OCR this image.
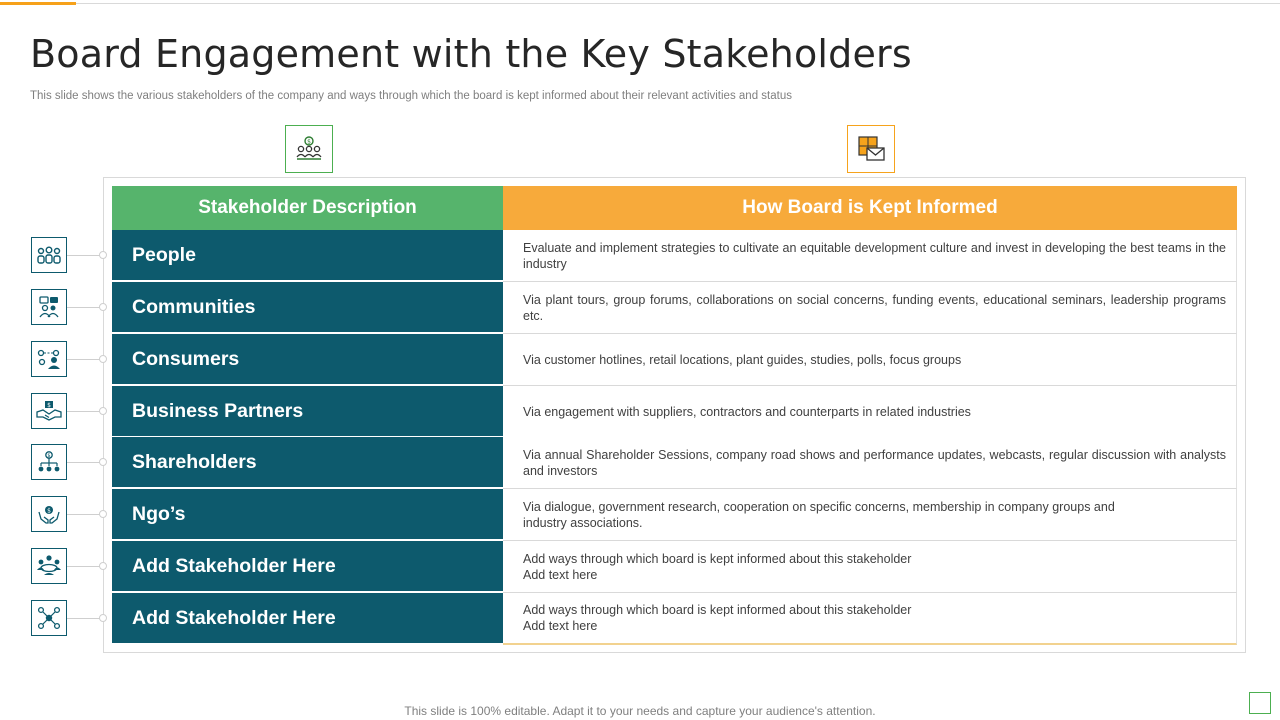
Board Engagement with the Key Stakeholders

This slide shows the various stakeholders of the company and ways through which the board is kept informed about their relevant activities and status

$
Stakeholder Description	How Board is Kept Informed
People	Evaluate and implement strategies to cultivate an equitable development culture and invest in developing the best teams in the industry
Communities	Via plant tours, group forums, collaborations on social concerns, funding events, educational seminars, leadership programs etc.
Consumers	Via customer hotlines, retail locations, plant guides, studies, polls, focus groups
Business Partners	Via engagement with suppliers, contractors and counterparts in related industries
Shareholders	Via annual Shareholder Sessions, company road shows and performance updates, webcasts, regular discussion with analysts and investors
Ngo’s	Via dialogue, government research, cooperation on specific concerns, membership in company groups and
industry associations.
Add Stakeholder Here	Add ways through which board is kept informed about this stakeholder
Add text here
Add Stakeholder Here	Add ways through which board is kept informed about this stakeholder
Add text here
$
$
$
This slide is 100% editable. Adapt it to your needs and capture your audience's attention.
